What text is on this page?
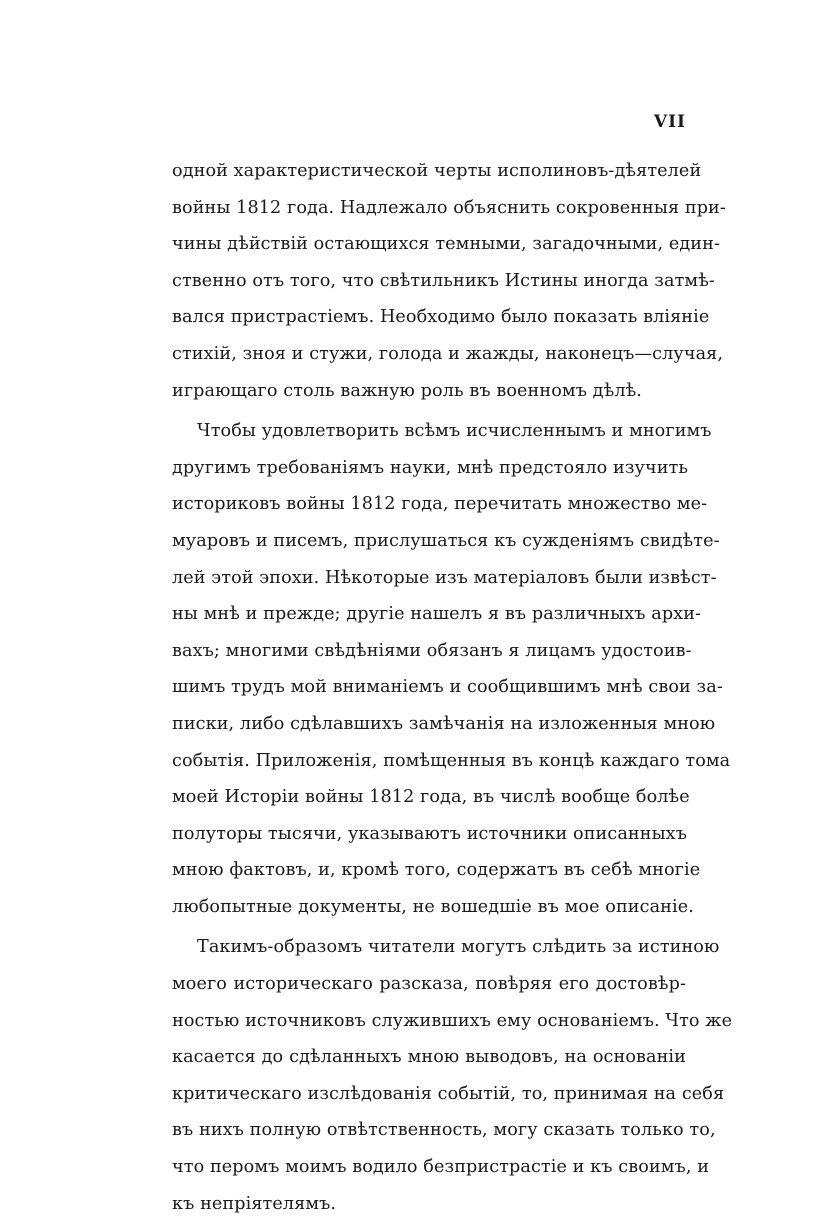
VII
одной характеристической черты исполиновъ-дѣятелей
войны 1812 года. Надлежало объяснить сокровенныя при-
чины дѣйствій остающихся темными, загадочными, един-
ственно отъ того, что свѣтильникъ Истины иногда затмѣ-
вался пристрастіемъ. Необходимо было показать вліяніе
стихій, зноя и стужи, голода и жажды, наконецъ—случая,
играющаго столь важную роль въ военномъ дѣлѣ.
Чтобы удовлетворить всѣмъ исчисленнымъ и многимъ
другимъ требованіямъ науки, мнѣ предстояло изучить
историковъ войны 1812 года, перечитать множество ме-
муаровъ и писемъ, прислушаться къ сужденіямъ свидѣте-
лей этой эпохи. Нѣкоторые изъ матеріаловъ были извѣст-
ны мнѣ и прежде; другіе нашелъ я въ различныхъ архи-
вахъ; многими свѣдѣніями обязанъ я лицамъ удостоив-
шимъ трудъ мой вниманіемъ и сообщившимъ мнѣ свои за-
писки, либо сдѣлавшихъ замѣчанія на изложенныя мною
событія. Приложенія, помѣщенныя въ концѣ каждаго тома
моей Исторіи войны 1812 года, въ числѣ вообще болѣе
полуторы тысячи, указываютъ источники описанныхъ
мною фактовъ, и, кромѣ того, содержатъ въ себѣ многіе
любопытные документы, не вошедшіе въ мое описаніе.
Такимъ-образомъ читатели могутъ слѣдить за истиною
моего историческаго разсказа, повѣряя его достовѣр-
ностью источниковъ служившихъ ему основаніемъ. Что же
касается до сдѣланныхъ мною выводовъ, на основаніи
критическаго изслѣдованія событій, то, принимая на себя
въ нихъ полную отвѣтственность, могу сказать только то,
что перомъ моимъ водило безпристрастіе и къ своимъ, и
къ непріятелямъ.
